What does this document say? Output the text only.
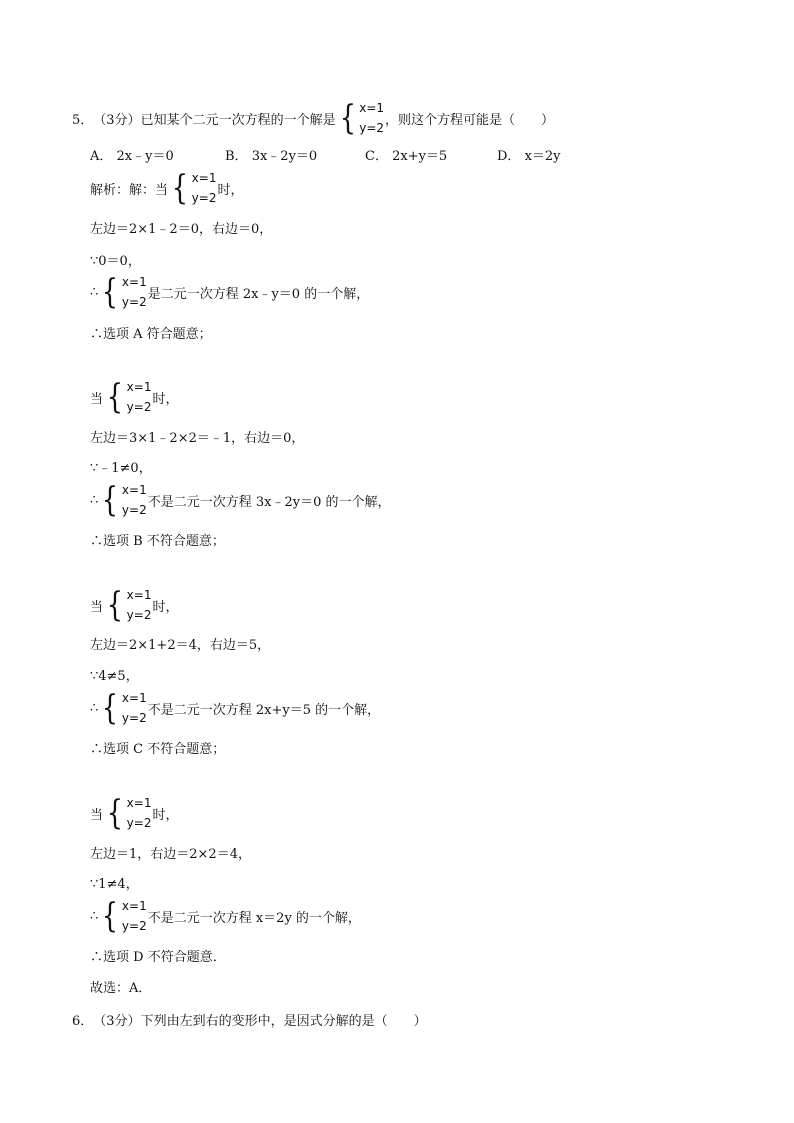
5． （3分） 已知某个二元一次方程的一个解是 { x=1
y=2
，则这个方程可能是（　　）
A． 2x﹣y＝0	B． 3x﹣2y＝0	C． 2x+y＝5	D． x＝2y
解析：解：当 { x=1
y=2
时，
左边＝2×1﹣2＝0，右边＝0，
∵0＝0，
∴ { x=1
y=2
是二元一次方程 2x﹣y＝0 的一个解，
∴选项 A 符合题意；
当 { x=1
y=2
时，
左边＝3×1﹣2×2＝﹣1，右边＝0，
∵﹣1≠0，
∴ { x=1
y=2
不是二元一次方程 3x﹣2y＝0 的一个解，
∴选项 B 不符合题意；
当 { x=1
y=2
时，
左边＝2×1+2＝4，右边＝5，
∵4≠5，
∴ { x=1
y=2
不是二元一次方程 2x+y＝5 的一个解，
∴选项 C 不符合题意；
当 { x=1
y=2
时，
左边＝1，右边＝2×2＝4，
∵1≠4，
∴ { x=1
y=2
不是二元一次方程 x＝2y 的一个解，
∴选项 D 不符合题意．
故选：A．
6． （3分） 下列由左到右的变形中，是因式分解的是（　　）
